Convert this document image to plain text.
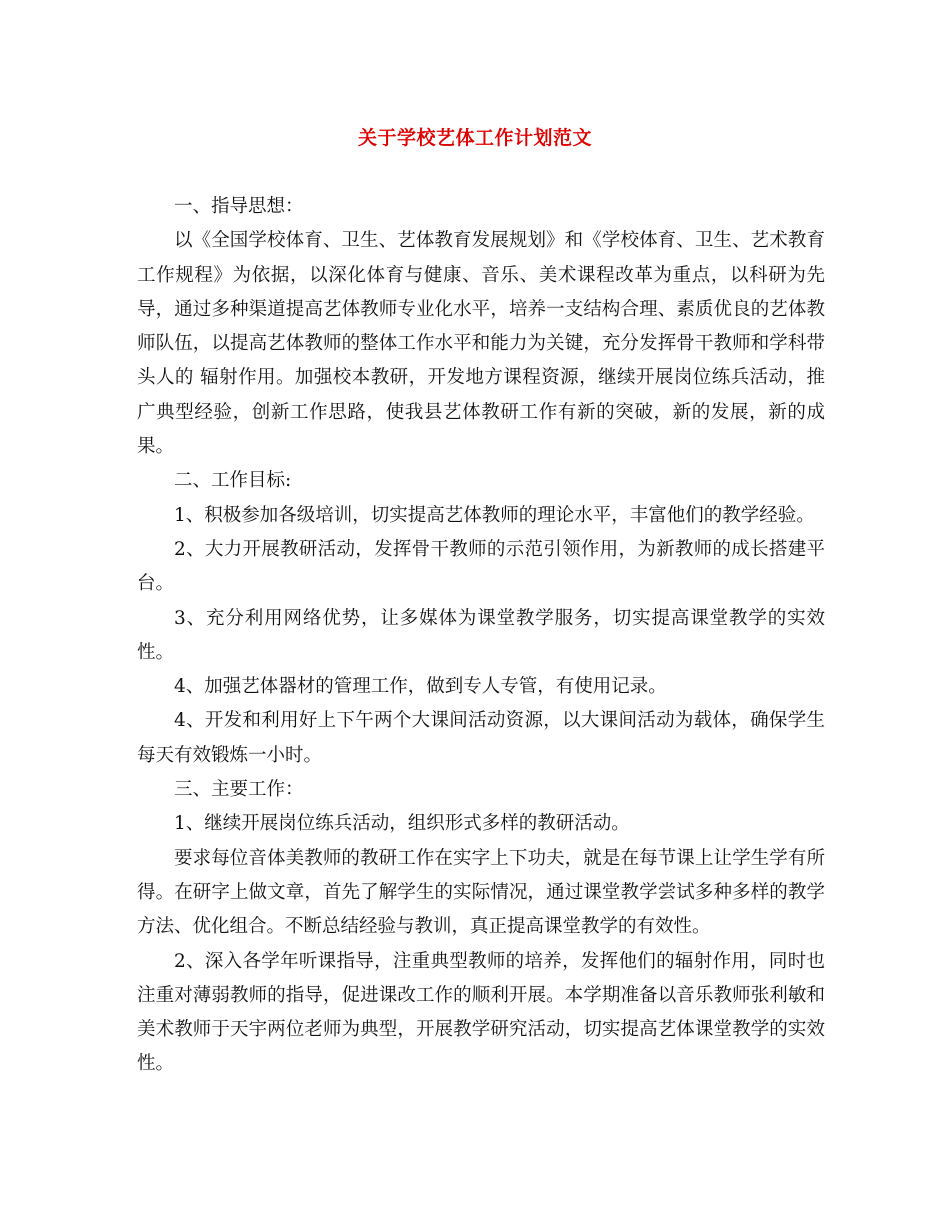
关于学校艺体工作计划范文

一、指导思想：

以《全国学校体育、卫生、艺体教育发展规划》和《学校体育、卫生、艺术教育工作规程》为依据，以深化体育与健康、音乐、美术课程改革为重点，以科研为先导，通过多种渠道提高艺体教师专业化水平，培养一支结构合理、素质优良的艺体教师队伍，以提高艺体教师的整体工作水平和能力为关键，充分发挥骨干教师和学科带头人的 辐射作用。加强校本教研，开发地方课程资源，继续开展岗位练兵活动，推广典型经验，创新工作思路，使我县艺体教研工作有新的突破，新的发展，新的成果。

二、工作目标:

1、积极参加各级培训，切实提高艺体教师的理论水平，丰富他们的教学经验。

2、大力开展教研活动，发挥骨干教师的示范引领作用，为新教师的成长搭建平台。

3、充分利用网络优势，让多媒体为课堂教学服务，切实提高课堂教学的实效性。

4、加强艺体器材的管理工作，做到专人专管，有使用记录。

4、开发和利用好上下午两个大课间活动资源，以大课间活动为载体，确保学生每天有效锻炼一小时。

三、主要工作：

1、继续开展岗位练兵活动，组织形式多样的教研活动。

要求每位音体美教师的教研工作在实字上下功夫，就是在每节课上让学生学有所得。在研字上做文章，首先了解学生的实际情况，通过课堂教学尝试多种多样的教学方法、优化组合。不断总结经验与教训，真正提高课堂教学的有效性。

2、深入各学年听课指导，注重典型教师的培养，发挥他们的辐射作用，同时也注重对薄弱教师的指导，促进课改工作的顺利开展。本学期准备以音乐教师张利敏和美术教师于天宇两位老师为典型，开展教学研究活动，切实提高艺体课堂教学的实效性。
